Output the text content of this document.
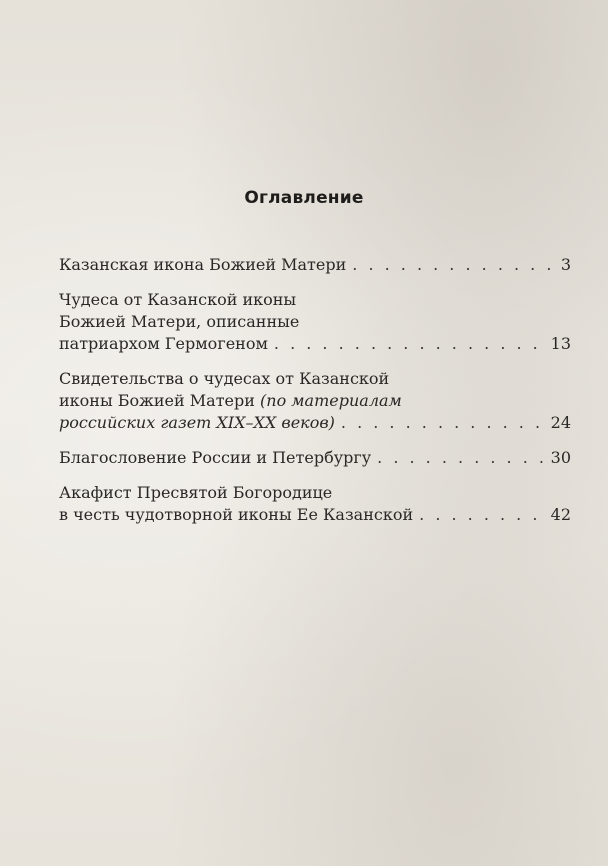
Оглавление
Казанская икона Божией Матери . . .	3
Чудеса от Казанской иконы
Божией Матери, описанные
патриархом Гермогеном . . .	13
Свидетельства о чудесах от Казанской
иконы Божией Матери (по материалам
российских газет XIX–XX веков) . . .	24
Благословение России и Петербургу . . .	30
Акафист Пресвятой Богородице
в честь чудотворной иконы Ее Казанской . . .	42
